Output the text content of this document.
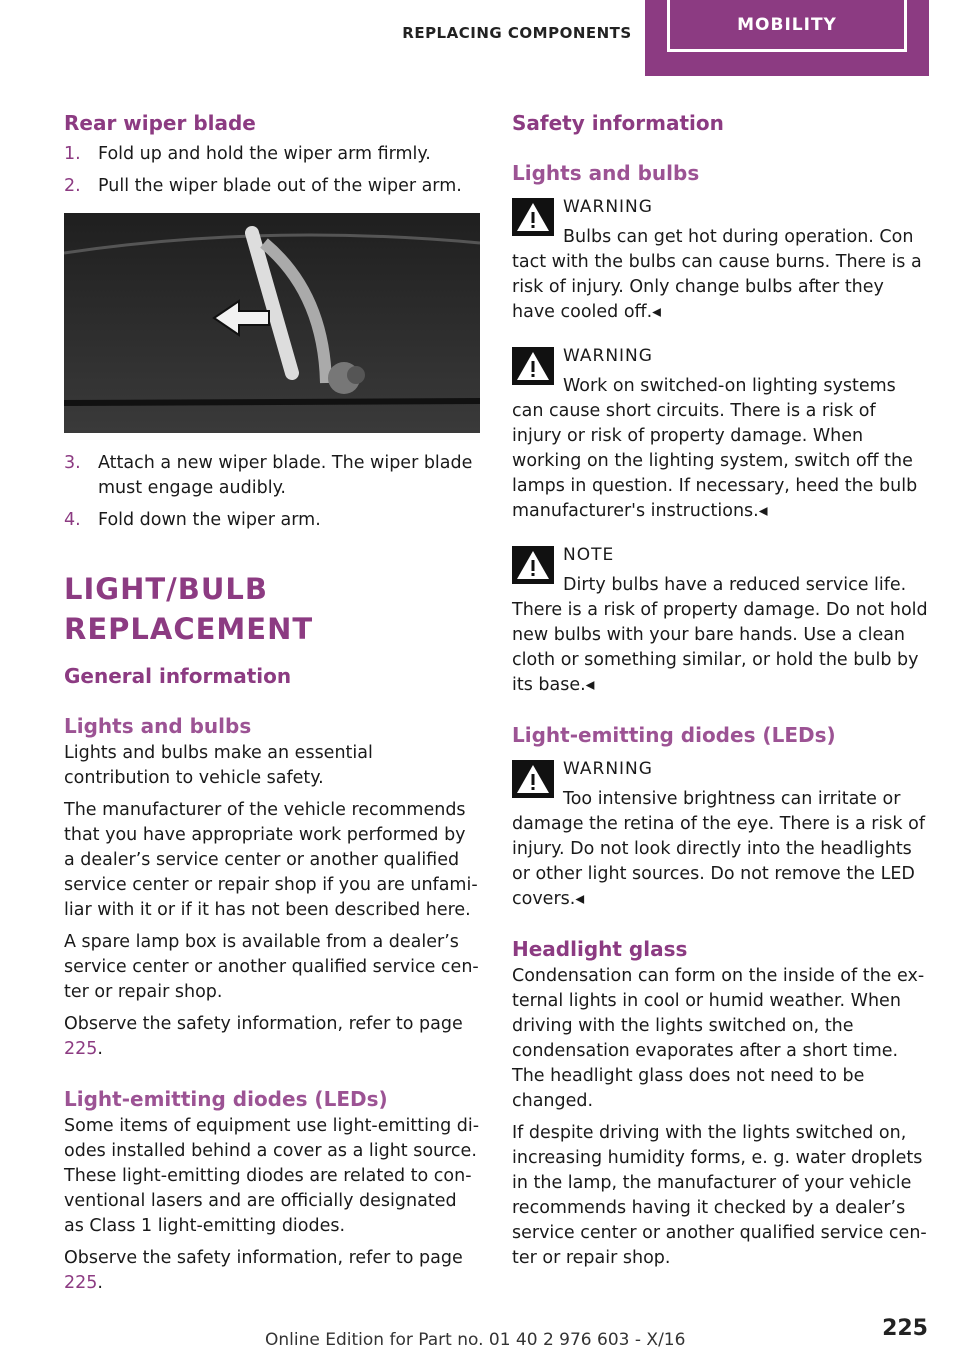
REPLACING COMPONENTS	MOBILITY
Rear wiper blade
1. Fold up and hold the wiper arm firmly.
2. Pull the wiper blade out of the wiper arm.
3. Attach a new wiper blade. The wiper blade must engage audibly.
4. Fold down the wiper arm.
LIGHT/BULB REPLACEMENT
General information
Lights and bulbs

Lights and bulbs make an essential contribution to vehicle safety.

The manufacturer of the vehicle recommends that you have appropriate work performed by a dealer’s service center or another qualified service center or repair shop if you are unfamiliar with it or if it has not been described here.

A spare lamp box is available from a dealer’s service center or another qualified service center or repair shop.

Observe the safety information, refer to page 225.

Light-emitting diodes (LEDs)

Some items of equipment use light-emitting diodes installed behind a cover as a light source. These light-emitting diodes are related to conventional lasers and are officially designated as Class 1 light-emitting diodes.

Observe the safety information, refer to page 225.

Safety information
Lights and bulbs
WARNING
Bulbs can get hot during operation. Con

tact with the bulbs can cause burns. There is a risk of injury. Only change bulbs after they have cooled off.◂

WARNING
Work on switched-on lighting systems

can cause short circuits. There is a risk of injury or risk of property damage. When working on the lighting system, switch off the lamps in question. If necessary, heed the bulb manufacturer's instructions.◂

NOTE
Dirty bulbs have a reduced service life.

There is a risk of property damage. Do not hold new bulbs with your bare hands. Use a clean cloth or something similar, or hold the bulb by its base.◂

Light-emitting diodes (LEDs)
WARNING
Too intensive brightness can irritate or

damage the retina of the eye. There is a risk of injury. Do not look directly into the headlights or other light sources. Do not remove the LED covers.◂

Headlight glass

Condensation can form on the inside of the external lights in cool or humid weather. When driving with the lights switched on, the condensation evaporates after a short time. The headlight glass does not need to be changed.

If despite driving with the lights switched on, increasing humidity forms, e. g. water droplets in the lamp, the manufacturer of your vehicle recommends having it checked by a dealer’s service center or another qualified service center or repair shop.

225
Online Edition for Part no. 01 40 2 976 603 - X/16
